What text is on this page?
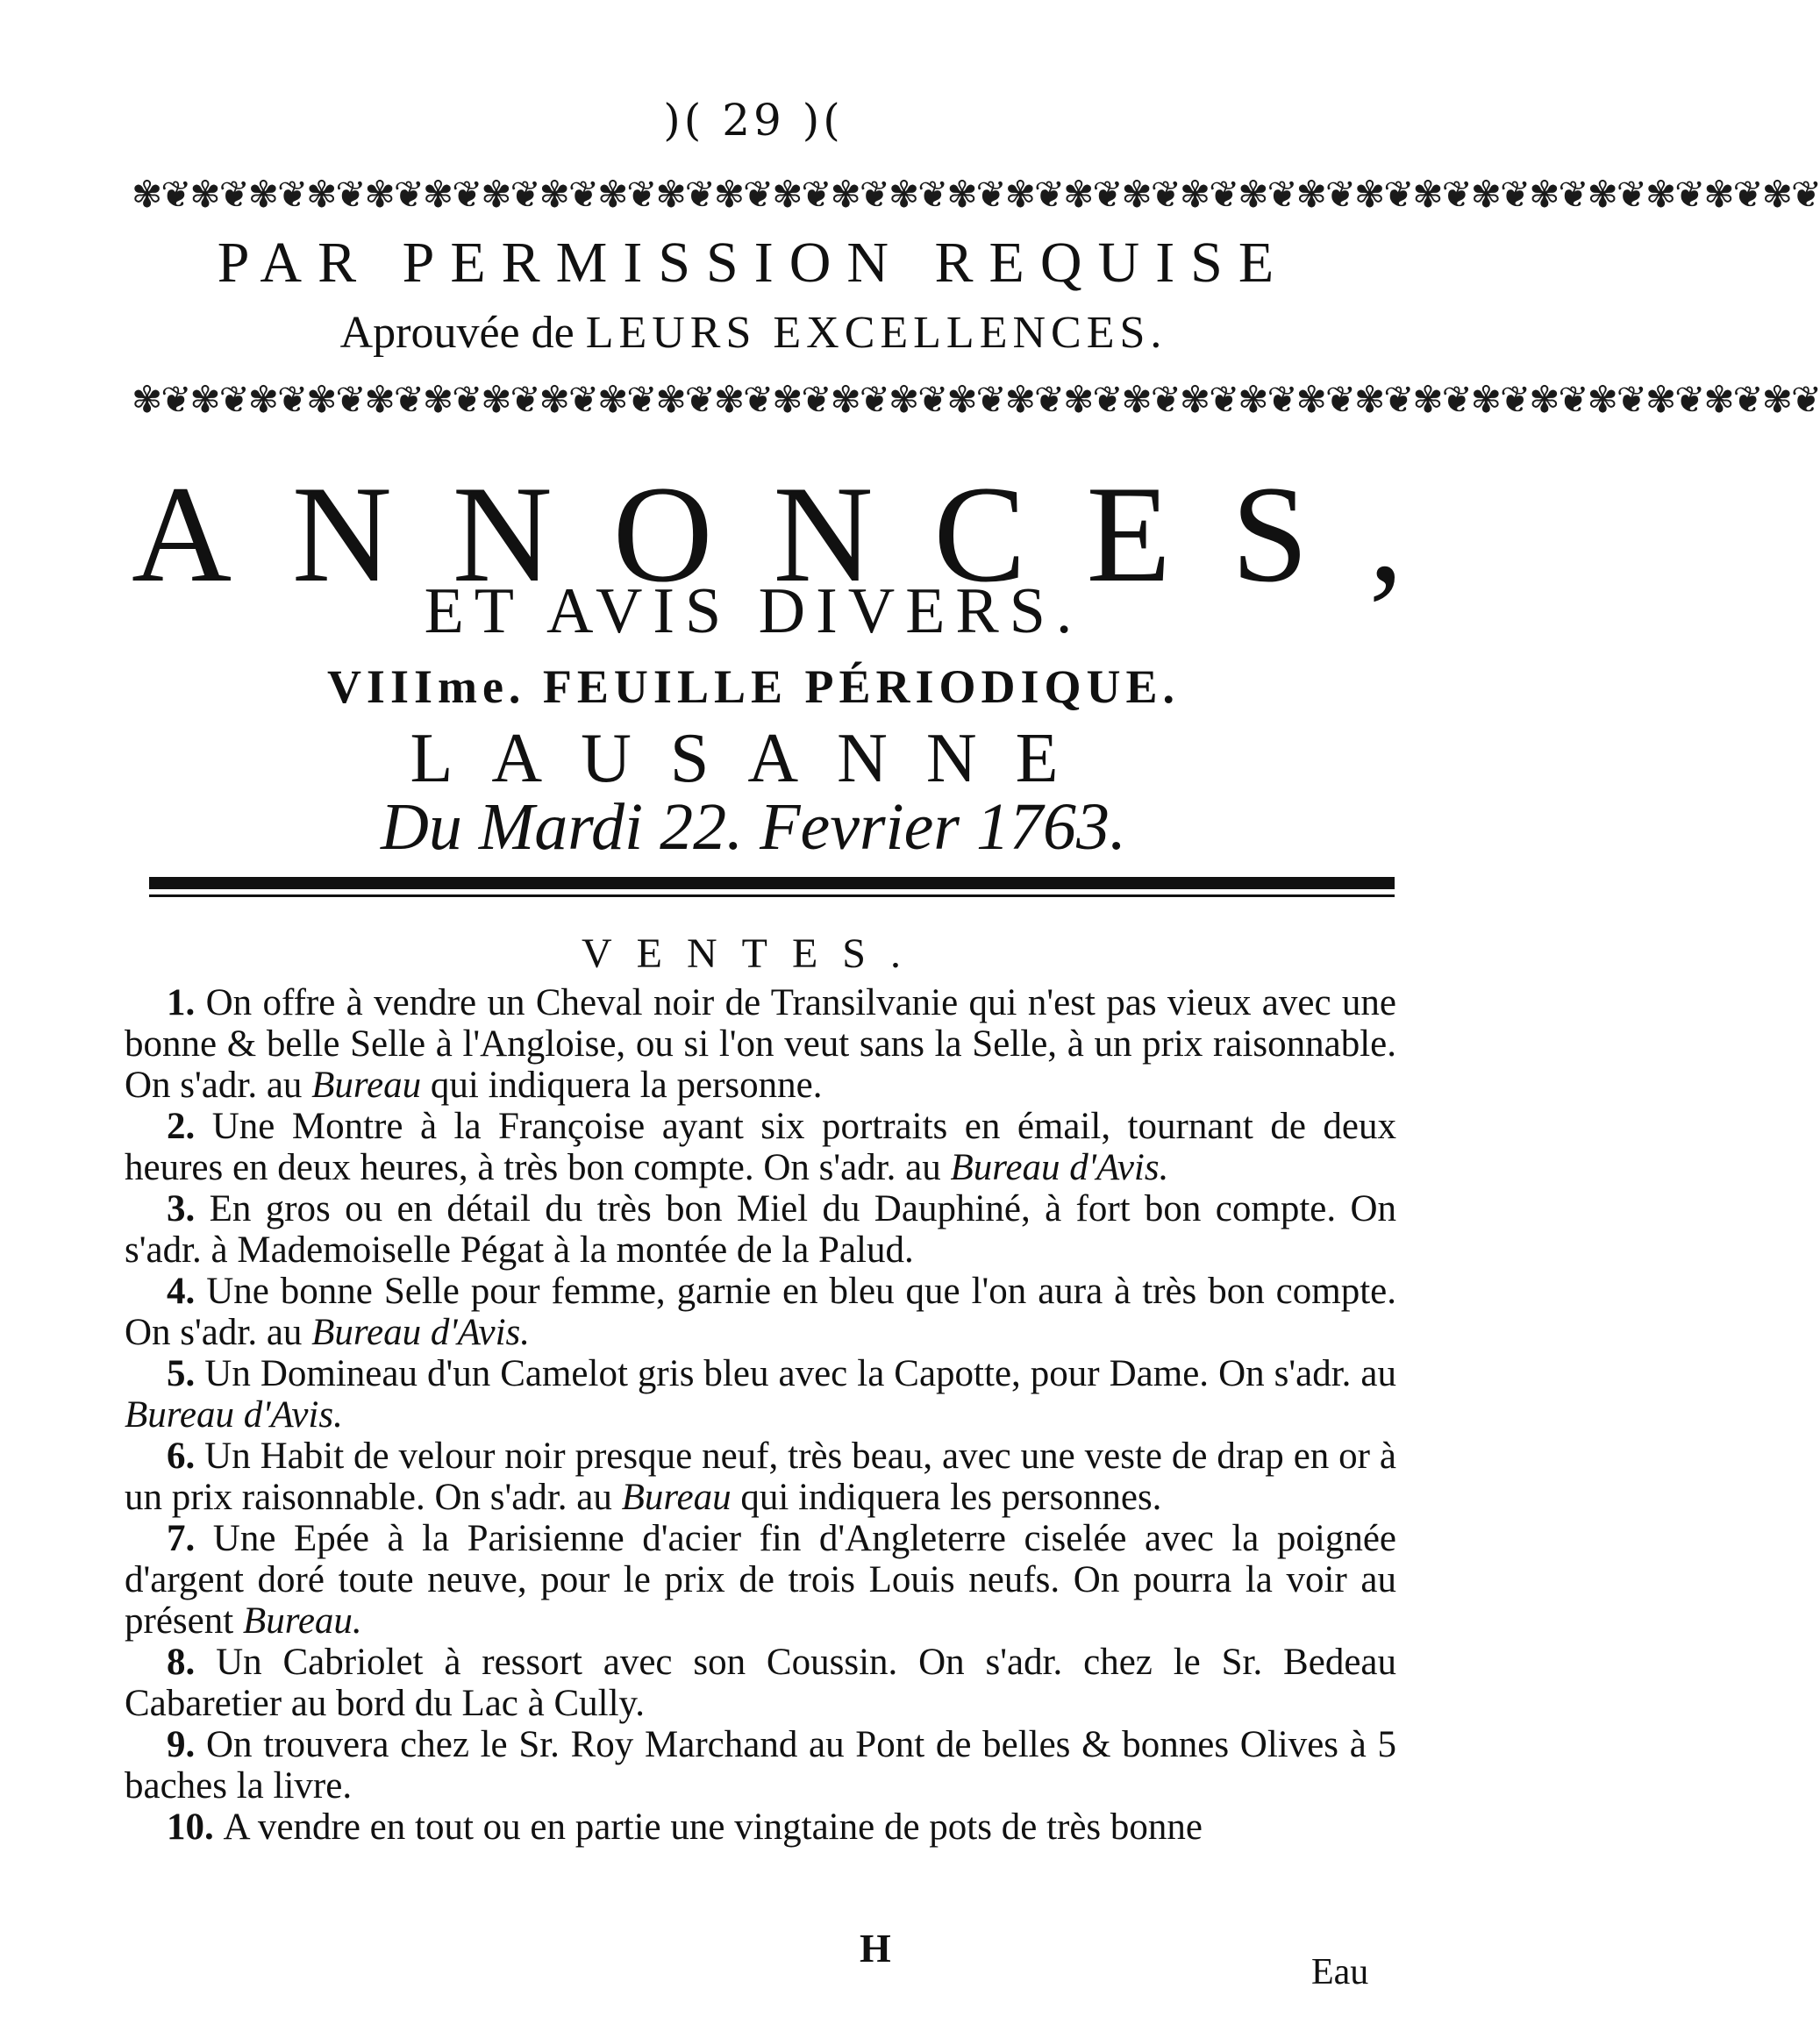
)( 29 )(
✾❦✾❦✾❦✾❦✾❦✾❦✾❦✾❦✾❦✾❦✾❦✾❦✾❦✾❦✾❦✾❦✾❦✾❦✾❦✾❦✾❦✾❦✾❦✾❦✾❦✾❦✾❦✾❦✾❦
PAR PERMISSION REQUISE
Aprouvée de LEURS EXCELLENCES.
✾❦✾❦✾❦✾❦✾❦✾❦✾❦✾❦✾❦✾❦✾❦✾❦✾❦✾❦✾❦✾❦✾❦✾❦✾❦✾❦✾❦✾❦✾❦✾❦✾❦✾❦✾❦✾❦✾❦
A N N O N C E S ,
ET AVIS DIVERS.
VIIIme. FEUILLE PÉRIODIQUE.
LAUSANNE
Du Mardi 22. Fevrier 1763.
VENTES.
1. On offre à vendre un Cheval noir de Transilvanie qui n'est pas vieux avec une bonne & belle Selle à l'Angloise, ou si l'on veut sans la Selle, à un prix raisonnable. On s'adr. au Bureau qui indiquera la personne.
2. Une Montre à la Françoise ayant six portraits en émail, tournant de deux heures en deux heures, à très bon compte. On s'adr. au Bureau d'Avis.
3. En gros ou en détail du très bon Miel du Dauphiné, à fort bon compte. On s'adr. à Mademoiselle Pégat à la montée de la Palud.
4. Une bonne Selle pour femme, garnie en bleu que l'on aura à très bon compte. On s'adr. au Bureau d'Avis.
5. Un Domineau d'un Camelot gris bleu avec la Capotte, pour Dame. On s'adr. au Bureau d'Avis.
6. Un Habit de velour noir presque neuf, très beau, avec une veste de drap en or à un prix raisonnable. On s'adr. au Bureau qui indiquera les personnes.
7. Une Epée à la Parisienne d'acier fin d'Angleterre ciselée avec la poignée d'argent doré toute neuve, pour le prix de trois Louis neufs. On pourra la voir au présent Bureau.
8. Un Cabriolet à ressort avec son Coussin. On s'adr. chez le Sr. Bedeau Cabaretier au bord du Lac à Cully.
9. On trouvera chez le Sr. Roy Marchand au Pont de belles & bonnes Olives à 5 baches la livre.
10. A vendre en tout ou en partie une vingtaine de pots de très bonne
H
Eau
